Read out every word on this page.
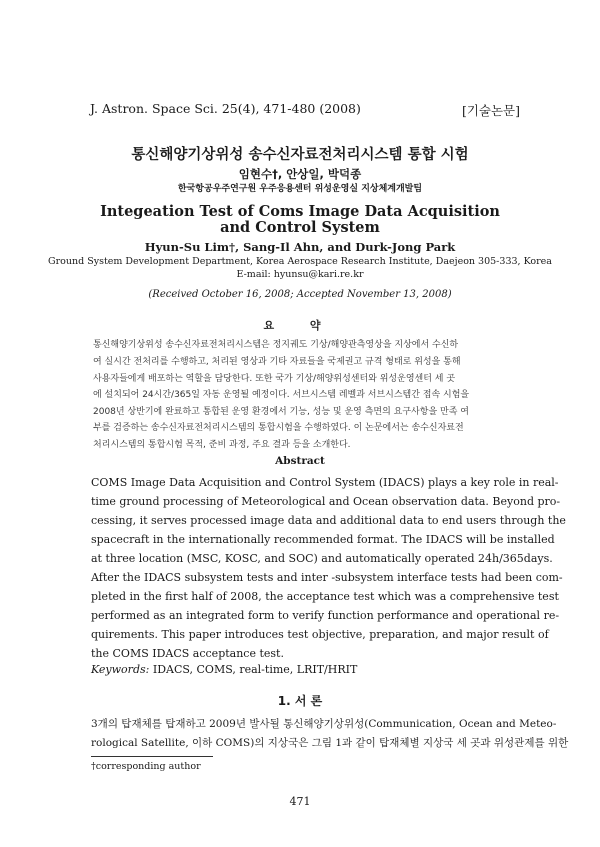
J. Astron. Space Sci. 25(4), 471-480 (2008)	[기술논문]
통신해양기상위성 송수신자료전처리시스템 통합 시험
임현수†, 안상일, 박덕종
한국항공우주연구원 우주응용센터 위성운영실 지상체계개발팀
Integeation Test of Coms Image Data Acquisition
and Control System
Hyun-Su Lim†, Sang-Il Ahn, and Durk-Jong Park
Ground System Development Department, Korea Aerospace Research Institute, Daejeon 305-333, Korea
E-mail: hyunsu@kari.re.kr
(Received October 16, 2008; Accepted November 13, 2008)
요 약
통신해양기상위성 송수신자료전처리시스템은 정지궤도 기상/해양관측영상을 지상에서 수신하
여 실시간 전처리를 수행하고, 처리된 영상과 기타 자료들을 국제권고 규격 형태로 위성을 통해
사용자들에게 배포하는 역할을 담당한다. 또한 국가 기상/해양위성센터와 위성운영센터 세 곳
에 설치되어 24시간/365일 자동 운영될 예정이다. 서브시스템 레벨과 서브시스템간 접속 시험을
2008년 상반기에 완료하고 통합된 운영 환경에서 기능, 성능 및 운영 측면의 요구사항을 만족 여
부를 검증하는 송수신자료전처리시스템의 통합시험을 수행하였다. 이 논문에서는 송수신자료전
처리시스템의 통합시험 목적, 준비 과정, 주요 결과 등을 소개한다.
Abstract
COMS Image Data Acquisition and Control System (IDACS) plays a key role in real-
time ground processing of Meteorological and Ocean observation data. Beyond pro-
cessing, it serves processed image data and additional data to end users through the
spacecraft in the internationally recommended format. The IDACS will be installed
at three location (MSC, KOSC, and SOC) and automatically operated 24h/365days.
After the IDACS subsystem tests and inter -subsystem interface tests had been com-
pleted in the first half of 2008, the acceptance test which was a comprehensive test
performed as an integrated form to verify function performance and operational re-
quirements. This paper introduces test objective, preparation, and major result of
the COMS IDACS acceptance test.
Keywords: IDACS, COMS, real-time, LRIT/HRIT
1. 서 론
3개의 탑재체를 탑재하고 2009년 발사될 통신해양기상위성(Communication, Ocean and Meteo-
rological Satellite, 이하 COMS)의 지상국은 그림 1과 같이 탑재체별 지상국 세 곳과 위성관제를 위한
†corresponding author
471
